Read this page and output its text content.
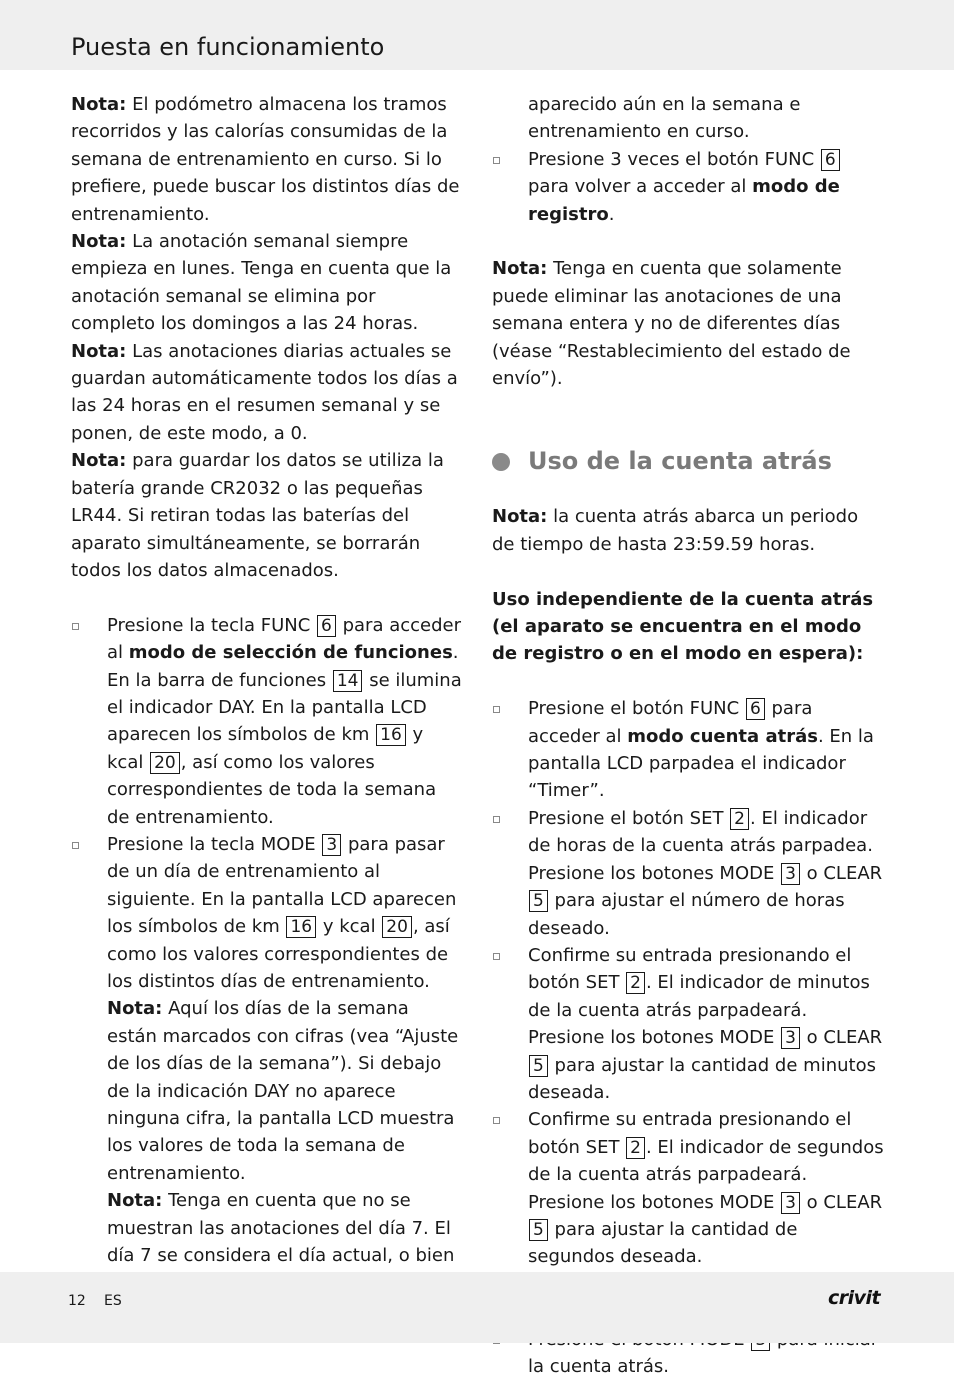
Puesta en funcionamiento

Nota: El podómetro almacena los tramos recorridos y las calorías consumidas de la semana de entrenamiento en curso. Si lo prefiere, puede buscar los distintos días de entrenamiento.

Nota: La anotación semanal siempre empieza en lunes. Tenga en cuenta que la anotación semanal se elimina por completo los domingos a las 24 horas.

Nota: Las anotaciones diarias actuales se guardan automáticamente todos los días a las 24 horas en el resumen semanal y se ponen, de este modo, a 0.

Nota: para guardar los datos se utiliza la batería grande CR2032 o las pequeñas LR44. Si retiran todas las baterías del aparato simultáneamente, se borrarán todos los datos almacenados.

Presione la tecla FUNC 6 para acceder al modo de selección de funciones. En la barra de funciones 14 se ilumina el indicador DAY. En la pantalla LCD aparecen los símbolos de km 16 y kcal 20 , así como los valores correspondientes de toda la semana de entrenamiento.
Presione la tecla MODE 3 para pasar de un día de entrenamiento al siguiente. En la pantalla LCD aparecen los símbolos de km 16 y kcal 20 , así como los valores correspondientes de los distintos días de entrenamiento.

Nota: Aquí los días de la semana están marcados con cifras (vea “Ajuste de los días de la semana”). Si debajo de la indicación DAY no aparece ninguna cifra, la pantalla LCD muestra los valores de toda la semana de entrenamiento.

Nota: Tenga en cuenta que no se muestran las anotaciones del día 7. El día 7 se considera el día actual, o bien

aparecido aún en la semana e entrenamiento en curso.

Presione 3 veces el botón FUNC 6 para volver a acceder al modo de registro.

Nota: Tenga en cuenta que solamente puede eliminar las anotaciones de una semana entera y no de diferentes días (véase “Restablecimiento del estado de envío”).

Uso de la cuenta atrás

Nota: la cuenta atrás abarca un periodo de tiempo de hasta 23:59.59 horas.

Uso independiente de la cuenta atrás (el aparato se encuentra en el modo de registro o en el modo en espera):

Presione el botón FUNC 6 para acceder al modo cuenta atrás. En la pantalla LCD parpadea el indicador “Timer”.
Presione el botón SET 2 . El indicador de horas de la cuenta atrás parpadea. Presione los botones MODE 3 o CLEAR 5 para ajustar el número de horas deseado.
Confirme su entrada presionando el botón SET 2 . El indicador de minutos de la cuenta atrás parpadeará. Presione los botones MODE 3 o CLEAR 5 para ajustar la cantidad de minutos deseada.
Confirme su entrada presionando el botón SET 2 . El indicador de segundos de la cuenta atrás parpadeará. Presione los botones MODE 3 o CLEAR 5 para ajustar la cantidad de segundos deseada.
la cuenta atrás.
12 ES	crivit
